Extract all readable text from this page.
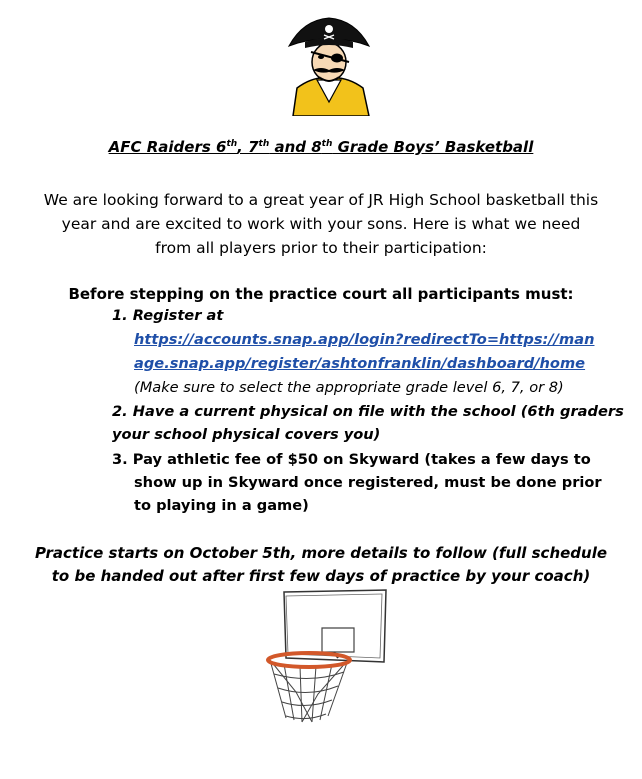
AFC Raiders 6th, 7th and 8th Grade Boys’ Basketball
We are looking forward to a great year of JR High School basketball this
year and are excited to work with your sons. Here is what we need
from all players prior to their participation:
Before stepping on the practice court all participants must:
1. Register at
https://accounts.snap.app/login?redirectTo=https://man
age.snap.app/register/ashtonfranklin/dashboard/home
(Make sure to select the appropriate grade level 6, 7, or 8)
2. Have a current physical on file with the school (6th graders
your school physical covers you)
3. Pay athletic fee of $50 on Skyward (takes a few days to
show up in Skyward once registered, must be done prior
to playing in a game)
Practice starts on October 5th, more details to follow (full schedule
to be handed out after first few days of practice by your coach)
